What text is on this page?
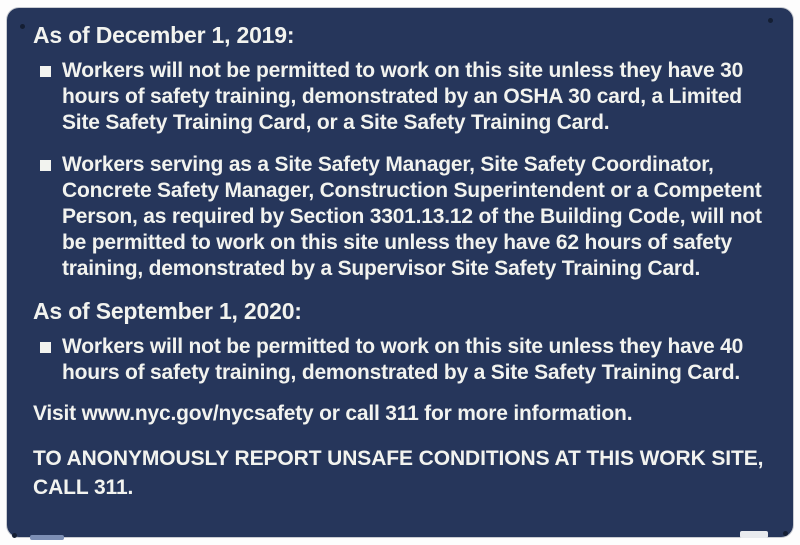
As of December 1, 2019:
Workers will not be permitted to work on this site unless they have 30 hours of safety training, demonstrated by an OSHA 30 card, a Limited Site Safety Training Card, or a Site Safety Training Card.
Workers serving as a Site Safety Manager, Site Safety Coordinator, Concrete Safety Manager, Construction Superintendent or a Competent Person, as required by Section 3301.13.12 of the Building Code, will not be permitted to work on this site unless they have 62 hours of safety training, demonstrated by a Supervisor Site Safety Training Card.
As of September 1, 2020:
Workers will not be permitted to work on this site unless they have 40 hours of safety training, demonstrated by a Site Safety Training Card.
Visit www.nyc.gov/nycsafety or call 311 for more information.
TO ANONYMOUSLY REPORT UNSAFE CONDITIONS AT THIS WORK SITE, CALL 311.
